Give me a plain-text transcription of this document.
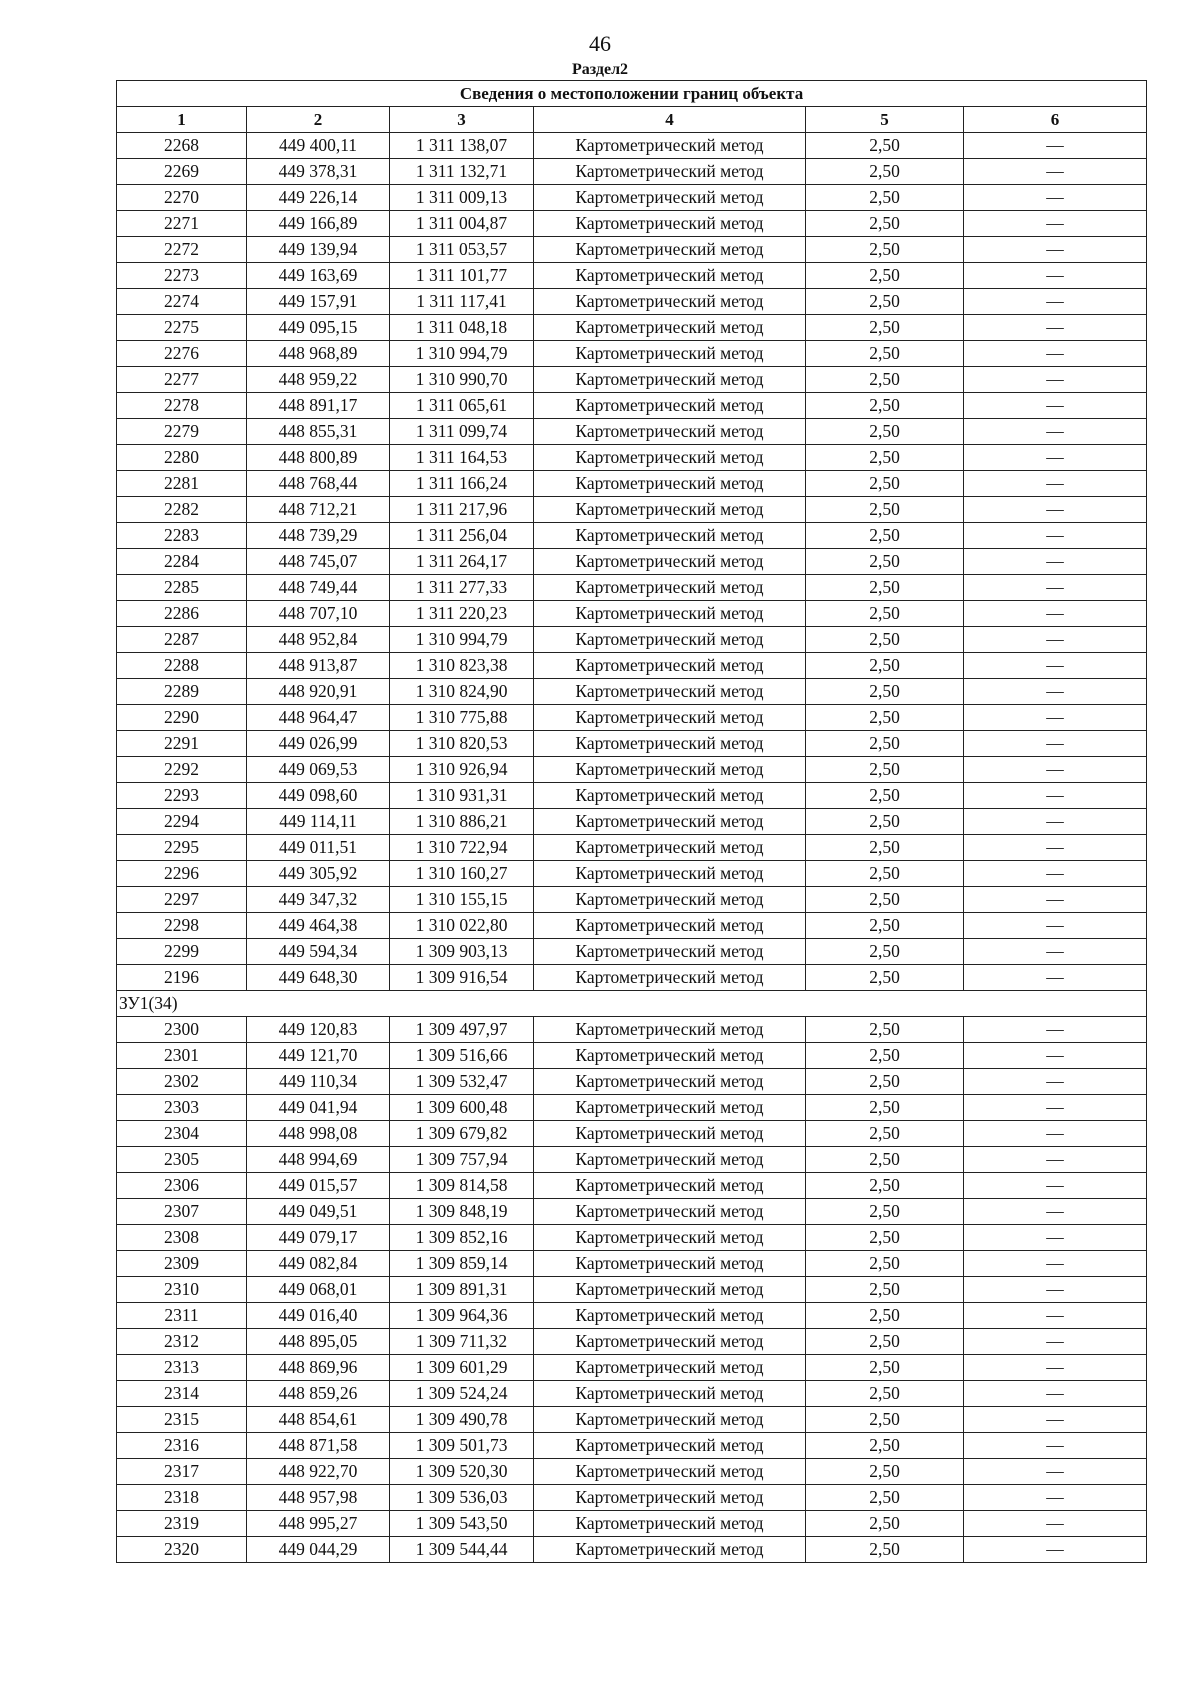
46
Раздел2
Сведения о местоположении границ объекта					
1	2	3	4	5	6
2268	449 400,11	1 311 138,07	Картометрический метод	2,50	—
2269	449 378,31	1 311 132,71	Картометрический метод	2,50	—
2270	449 226,14	1 311 009,13	Картометрический метод	2,50	—
2271	449 166,89	1 311 004,87	Картометрический метод	2,50	—
2272	449 139,94	1 311 053,57	Картометрический метод	2,50	—
2273	449 163,69	1 311 101,77	Картометрический метод	2,50	—
2274	449 157,91	1 311 117,41	Картометрический метод	2,50	—
2275	449 095,15	1 311 048,18	Картометрический метод	2,50	—
2276	448 968,89	1 310 994,79	Картометрический метод	2,50	—
2277	448 959,22	1 310 990,70	Картометрический метод	2,50	—
2278	448 891,17	1 311 065,61	Картометрический метод	2,50	—
2279	448 855,31	1 311 099,74	Картометрический метод	2,50	—
2280	448 800,89	1 311 164,53	Картометрический метод	2,50	—
2281	448 768,44	1 311 166,24	Картометрический метод	2,50	—
2282	448 712,21	1 311 217,96	Картометрический метод	2,50	—
2283	448 739,29	1 311 256,04	Картометрический метод	2,50	—
2284	448 745,07	1 311 264,17	Картометрический метод	2,50	—
2285	448 749,44	1 311 277,33	Картометрический метод	2,50	—
2286	448 707,10	1 311 220,23	Картометрический метод	2,50	—
2287	448 952,84	1 310 994,79	Картометрический метод	2,50	—
2288	448 913,87	1 310 823,38	Картометрический метод	2,50	—
2289	448 920,91	1 310 824,90	Картометрический метод	2,50	—
2290	448 964,47	1 310 775,88	Картометрический метод	2,50	—
2291	449 026,99	1 310 820,53	Картометрический метод	2,50	—
2292	449 069,53	1 310 926,94	Картометрический метод	2,50	—
2293	449 098,60	1 310 931,31	Картометрический метод	2,50	—
2294	449 114,11	1 310 886,21	Картометрический метод	2,50	—
2295	449 011,51	1 310 722,94	Картометрический метод	2,50	—
2296	449 305,92	1 310 160,27	Картометрический метод	2,50	—
2297	449 347,32	1 310 155,15	Картометрический метод	2,50	—
2298	449 464,38	1 310 022,80	Картометрический метод	2,50	—
2299	449 594,34	1 309 903,13	Картометрический метод	2,50	—
2196	449 648,30	1 309 916,54	Картометрический метод	2,50	—
ЗУ1(34)					
2300	449 120,83	1 309 497,97	Картометрический метод	2,50	—
2301	449 121,70	1 309 516,66	Картометрический метод	2,50	—
2302	449 110,34	1 309 532,47	Картометрический метод	2,50	—
2303	449 041,94	1 309 600,48	Картометрический метод	2,50	—
2304	448 998,08	1 309 679,82	Картометрический метод	2,50	—
2305	448 994,69	1 309 757,94	Картометрический метод	2,50	—
2306	449 015,57	1 309 814,58	Картометрический метод	2,50	—
2307	449 049,51	1 309 848,19	Картометрический метод	2,50	—
2308	449 079,17	1 309 852,16	Картометрический метод	2,50	—
2309	449 082,84	1 309 859,14	Картометрический метод	2,50	—
2310	449 068,01	1 309 891,31	Картометрический метод	2,50	—
2311	449 016,40	1 309 964,36	Картометрический метод	2,50	—
2312	448 895,05	1 309 711,32	Картометрический метод	2,50	—
2313	448 869,96	1 309 601,29	Картометрический метод	2,50	—
2314	448 859,26	1 309 524,24	Картометрический метод	2,50	—
2315	448 854,61	1 309 490,78	Картометрический метод	2,50	—
2316	448 871,58	1 309 501,73	Картометрический метод	2,50	—
2317	448 922,70	1 309 520,30	Картометрический метод	2,50	—
2318	448 957,98	1 309 536,03	Картометрический метод	2,50	—
2319	448 995,27	1 309 543,50	Картометрический метод	2,50	—
2320	449 044,29	1 309 544,44	Картометрический метод	2,50	—
